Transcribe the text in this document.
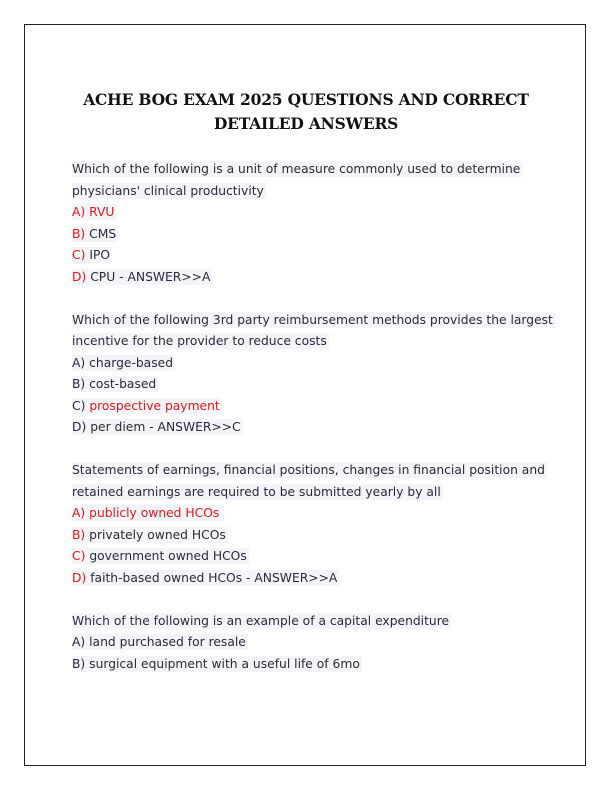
ACHE BOG EXAM 2025 QUESTIONS AND CORRECT
DETAILED ANSWERS
Which of the following is a unit of measure commonly used to determine
physicians' clinical productivity
A) RVU
B) CMS
C) IPO
D) CPU - ANSWER>>A
Which of the following 3rd party reimbursement methods provides the largest
incentive for the provider to reduce costs
A) charge-based
B) cost-based
C) prospective payment
D) per diem - ANSWER>>C
Statements of earnings, financial positions, changes in financial position and
retained earnings are required to be submitted yearly by all
A) publicly owned HCOs
B) privately owned HCOs
C) government owned HCOs
D) faith-based owned HCOs - ANSWER>>A
Which of the following is an example of a capital expenditure
A) land purchased for resale
B) surgical equipment with a useful life of 6mo
